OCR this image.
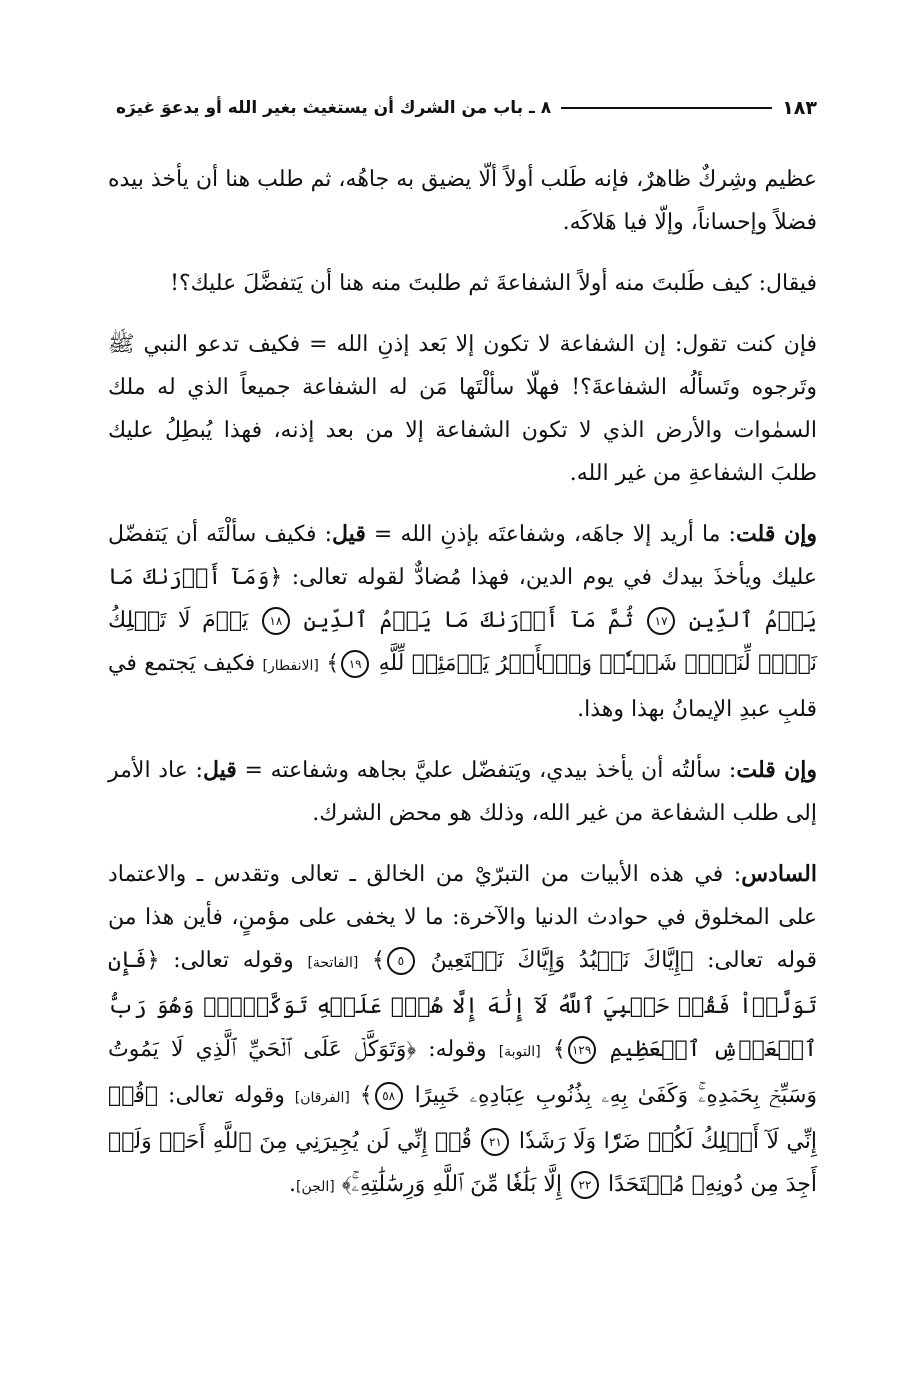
٨ ـ باب من الشرك أن يستغيث بغير الله أو يدعوَ غيرَه	١٨٣

عظيم وشِركٌ ظاهرٌ، فإنه طَلب أولاً ألّا يضيق به جاهُه، ثم طلب هنا أن يأخذ بيده فضلاً وإحساناً، وإلّا فيا هَلاكَه.

فيقال: كيف طَلبتَ منه أولاً الشفاعةَ ثم طلبتَ منه هنا أن يَتفضَّلَ عليك؟!

فإن كنت تقول: إن الشفاعة لا تكون إلا بَعد إذنِ الله = فكيف تدعو النبي ﷺ وتَرجوه وتَسألُه الشفاعةَ؟! فهلّا سألْتَها مَن له الشفاعة جميعاً الذي له ملك السمٰوات والأرض الذي لا تكون الشفاعة إلا من بعد إذنه، فهذا يُبطِلُ عليك طلبَ الشفاعةِ من غير الله.

وإن قلت: ما أريد إلا جاهَه، وشفاعتَه بإذنِ الله = قيل: فكيف سألْتَه أن يَتفضّل عليك ويأخذَ بيدك في يوم الدين، فهذا مُضادٌّ لقوله تعالى: ﴿وَمَآ أَدۡرَىٰكَ مَا يَوۡمُ ٱلدِّينِ ١٧ ثُمَّ مَآ أَدۡرَىٰكَ مَا يَوۡمُ ٱلدِّينِ ١٨ يَوۡمَ لَا تَمۡلِكُ نَفۡسٞ لِّنَفۡسٖ شَيۡـٔٗاۖ وَٱلۡأَمۡرُ يَوۡمَئِذٖ لِّلَّهِ ١٩﴾ [الانفطار] فكيف يَجتمع في قلبِ عبدِ الإيمانُ بهذا وهذا.

وإن قلت: سألتُه أن يأخذ بيدي، ويَتفضّل عليَّ بجاهه وشفاعته = قيل: عاد الأمر إلى طلب الشفاعة من غير الله، وذلك هو محض الشرك.

السادس: في هذه الأبيات من التبرّيْ من الخالق ـ تعالى وتقدس ـ والاعتماد على المخلوق في حوادث الدنيا والآخرة: ما لا يخفى على مؤمنٍ، فأين هذا من قوله تعالى: ﴿إِيَّاكَ نَعۡبُدُ وَإِيَّاكَ نَسۡتَعِينُ ٥﴾ [الفاتحة] وقوله تعالى: ﴿فَإِن تَوَلَّوۡاْ فَقُلۡ حَسۡبِيَ ٱللَّهُ لَآ إِلَٰهَ إِلَّا هُوَۖ عَلَيۡهِ تَوَكَّلۡتُۖ وَهُوَ رَبُّ ٱلۡعَرۡشِ ٱلۡعَظِيمِ ١٢٩﴾ [التوبة] وقوله: ﴿وَتَوَكَّلۡ عَلَى ٱلۡحَيِّ ٱلَّذِي لَا يَمُوتُ وَسَبِّحۡ بِحَمۡدِهِۦۚ وَكَفَىٰ بِهِۦ بِذُنُوبِ عِبَادِهِۦ خَبِيرًا ٥٨﴾ [الفرقان] وقوله تعالى: ﴿قُلۡ إِنِّي لَآ أَمۡلِكُ لَكُمۡ ضَرّٗا وَلَا رَشَدٗا ٢١ قُلۡ إِنِّي لَن يُجِيرَنِي مِنَ ٱللَّهِ أَحَدٞ وَلَنۡ أَجِدَ مِن دُونِهِۦ مُلۡتَحَدًا ٢٢ إِلَّا بَلَٰغٗا مِّنَ ٱللَّهِ وَرِسَٰلَٰتِهِۦۚ﴾ [الجن].
